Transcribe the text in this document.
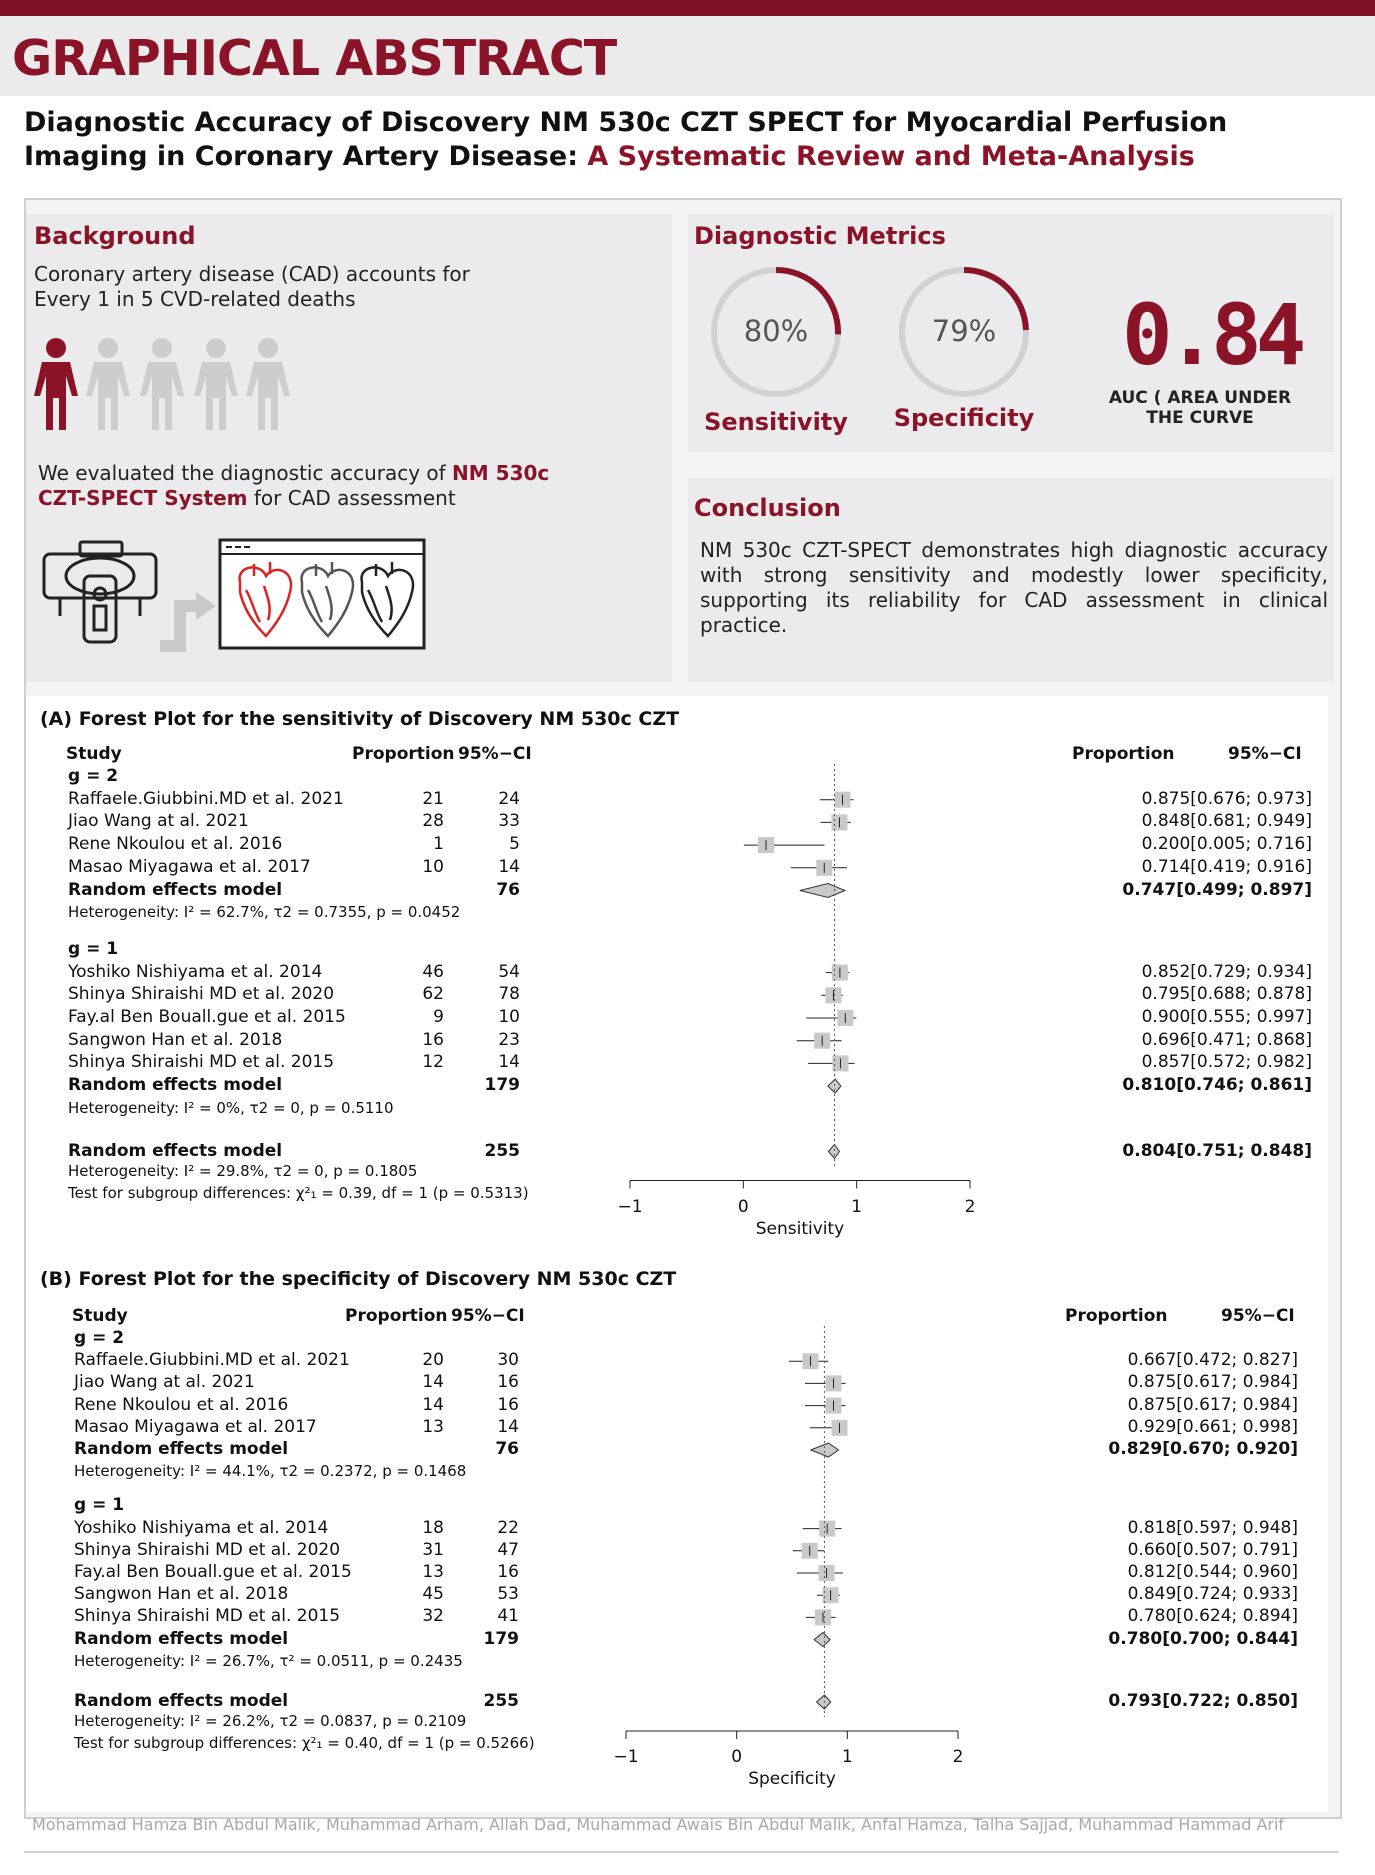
GRAPHICAL ABSTRACT
Diagnostic Accuracy of Discovery NM 530c CZT SPECT for Myocardial Perfusion
Imaging in Coronary Artery Disease: A Systematic Review and Meta-Analysis
Background
Coronary artery disease (CAD) accounts for Every 1 in 5 CVD-related deaths
We evaluated the diagnostic accuracy of NM 530c CZT-SPECT System for CAD assessment
Diagnostic Metrics
80%
Sensitivity
79%
Specificity
0.84
AUC ( AREA UNDER THE CURVE
Conclusion
NM 530c CZT-SPECT demonstrates high diagnostic accuracy with strong sensitivity and modestly lower specificity, supporting its reliability for CAD assessment in clinical practice.
(A) Forest Plot for the sensitivity of Discovery NM 530c CZT
Study	Proportion 95%−CI	Proportion	95%−CI
g = 2
Raffaele.Giubbini.MD et al. 2021	21	24	0.875[0.676; 0.973]
Jiao Wang at al. 2021	28	33	0.848[0.681; 0.949]
Rene Nkoulou et al. 2016	1	5	0.200[0.005; 0.716]
Masao Miyagawa et al. 2017	10	14	0.714[0.419; 0.916]
Random effects model	76	0.747[0.499; 0.897]
Heterogeneity: I² = 62.7%, τ2 = 0.7355, p = 0.0452
g = 1
Yoshiko Nishiyama et al. 2014	46	54	0.852[0.729; 0.934]
Shinya Shiraishi MD et al. 2020	62	78	0.795[0.688; 0.878]
Fay.al Ben Bouall.gue et al. 2015	9	10	0.900[0.555; 0.997]
Sangwon Han et al. 2018	16	23	0.696[0.471; 0.868]
Shinya Shiraishi MD et al. 2015	12	14	0.857[0.572; 0.982]
Random effects model	179	0.810[0.746; 0.861]
Heterogeneity: I² = 0%, τ2 = 0, p = 0.5110
Random effects model	255	0.804[0.751; 0.848]
Heterogeneity: I² = 29.8%, τ2 = 0, p = 0.1805
Test for subgroup differences: χ²₁ = 0.39, df = 1 (p = 0.5313)
−1	0	1	2
Sensitivity
(B) Forest Plot for the specificity of Discovery NM 530c CZT
Study	Proportion 95%−CI	Proportion	95%−CI
g = 2
Raffaele.Giubbini.MD et al. 2021	20	30	0.667[0.472; 0.827]
Jiao Wang at al. 2021	14	16	0.875[0.617; 0.984]
Rene Nkoulou et al. 2016	14	16	0.875[0.617; 0.984]
Masao Miyagawa et al. 2017	13	14	0.929[0.661; 0.998]
Random effects model	76	0.829[0.670; 0.920]
Heterogeneity: I² = 44.1%, τ2 = 0.2372, p = 0.1468
g = 1
Yoshiko Nishiyama et al. 2014	18	22	0.818[0.597; 0.948]
Shinya Shiraishi MD et al. 2020	31	47	0.660[0.507; 0.791]
Fay.al Ben Bouall.gue et al. 2015	13	16	0.812[0.544; 0.960]
Sangwon Han et al. 2018	45	53	0.849[0.724; 0.933]
Shinya Shiraishi MD et al. 2015	32	41	0.780[0.624; 0.894]
Random effects model	179	0.780[0.700; 0.844]
Heterogeneity: I² = 26.7%, τ² = 0.0511, p = 0.2435
Random effects model	255	0.793[0.722; 0.850]
Heterogeneity: I² = 26.2%, τ2 = 0.0837, p = 0.2109
Test for subgroup differences: χ²₁ = 0.40, df = 1 (p = 0.5266)
−1	0	1	2
Specificity
Mohammad Hamza Bin Abdul Malik, Muhammad Arham, Allah Dad, Muhammad Awais Bin Abdul Malik, Anfal Hamza, Talha Sajjad, Muhammad Hammad Arif
